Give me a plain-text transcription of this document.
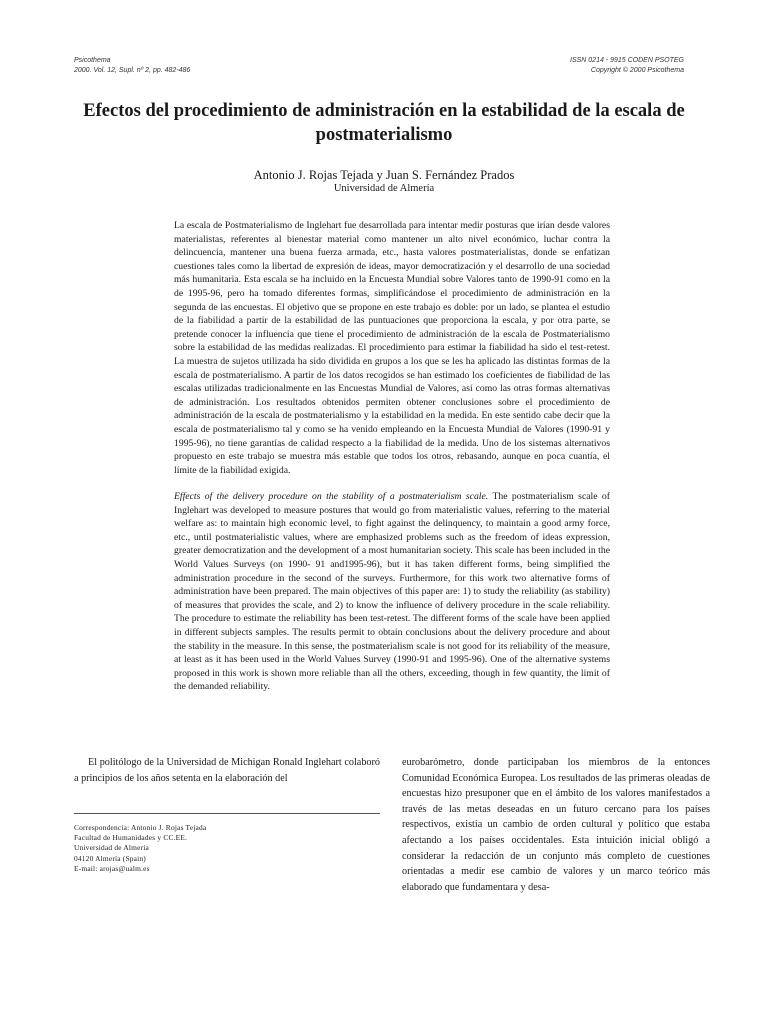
Psicothema
2000. Vol. 12, Supl. nº 2, pp. 482-486
ISSN 0214 - 9915 CODEN PSOTEG
Copyright © 2000 Psicothema
Efectos del procedimiento de administración en la estabilidad de la escala de postmaterialismo
Antonio J. Rojas Tejada y Juan S. Fernández Prados
Universidad de Almería

La escala de Postmaterialismo de Inglehart fue desarrollada para intentar medir posturas que irían desde valores materialistas, referentes al bienestar material como mantener un alto nivel económico, luchar contra la delincuencia, mantener una buena fuerza armada, etc., hasta valores postmaterialistas, donde se enfatizan cuestiones tales como la libertad de expresión de ideas, mayor democratización y el desarrollo de una sociedad más humanitaria. Esta escala se ha incluido en la Encuesta Mundial sobre Valores tanto de 1990-91 como en la de 1995-96, pero ha tomado diferentes formas, simplificándose el procedimiento de administración en la segunda de las encuestas. El objetivo que se propone en este trabajo es doble: por un lado, se plantea el estudio de la fiabilidad a partir de la estabilidad de las puntuaciones que proporciona la escala, y por otra parte, se pretende conocer la influencia que tiene el procedimiento de administración de la escala de Postmaterialismo sobre la estabilidad de las medidas realizadas. El procedimiento para estimar la fiabilidad ha sido el test-retest. La muestra de sujetos utilizada ha sido dividida en grupos a los que se les ha aplicado las distintas formas de la escala de postmaterialismo. A partir de los datos recogidos se han estimado los coeficientes de fiabilidad de las escalas utilizadas tradicionalmente en las Encuestas Mundial de Valores, así como las otras formas alternativas de administración. Los resultados obtenidos permiten obtener conclusiones sobre el procedimiento de administración de la escala de postmaterialismo y la estabilidad en la medida. En este sentido cabe decir que la escala de postmaterialismo tal y como se ha venido empleando en la Encuesta Mundial de Valores (1990-91 y 1995-96), no tiene garantías de calidad respecto a la fiabilidad de la medida. Uno de los sistemas alternativos propuesto en este trabajo se muestra más estable que todos los otros, rebasando, aunque en poca cuantía, el límite de la fiabilidad exigida.

Effects of the delivery procedure on the stability of a postmaterialism scale. The postmaterialism scale of Inglehart was developed to measure postures that would go from materialistic values, referring to the material welfare as: to maintain high economic level, to fight against the delinquency, to maintain a good army force, etc., until postmaterialistic values, where are emphasized problems such as the freedom of ideas expression, greater democratization and the development of a most humanitarian society. This scale has been included in the World Values Surveys (on 1990- 91 and1995-96), but it has taken different forms, being simplified the administration procedure in the second of the surveys. Furthermore, for this work two alternative forms of administration have been prepared. The main objectives of this paper are: 1) to study the reliability (as stability) of measures that provides the scale, and 2) to know the influence of delivery procedure in the scale reliability. The procedure to estimate the reliability has been test-retest. The different forms of the scale have been applied in different subjects samples. The results permit to obtain conclusions about the delivery procedure and about the stability in the measure. In this sense, the postmaterialism scale is not good for its reliability of the measure, at least as it has been used in the World Values Survey (1990-91 and 1995-96). One of the alternative systems proposed in this work is shown more reliable than all the others, exceeding, though in few quantity, the limit of the demanded reliability.

El politólogo de la Universidad de Michigan Ronald Inglehart colaboró a principios de los años setenta en la elaboración del

Correspondencia: Antonio J. Rojas Tejada
Facultad de Humanidades y CC.EE.
Universidad de Almería
04120 Almería (Spain)
E-mail: arojas@ualm.es

eurobarómetro, donde participaban los miembros de la entonces Comunidad Económica Europea. Los resultados de las primeras oleadas de encuestas hizo presuponer que en el ámbito de los valores manifestados a través de las metas deseadas en un futuro cercano para los países respectivos, existía un cambio de orden cultural y político que estaba afectando a los países occidentales. Esta intuición inicial obligó a considerar la redacción de un conjunto más completo de cuestiones orientadas a medir ese cambio de valores y un marco teórico más elaborado que fundamentara y desa-
